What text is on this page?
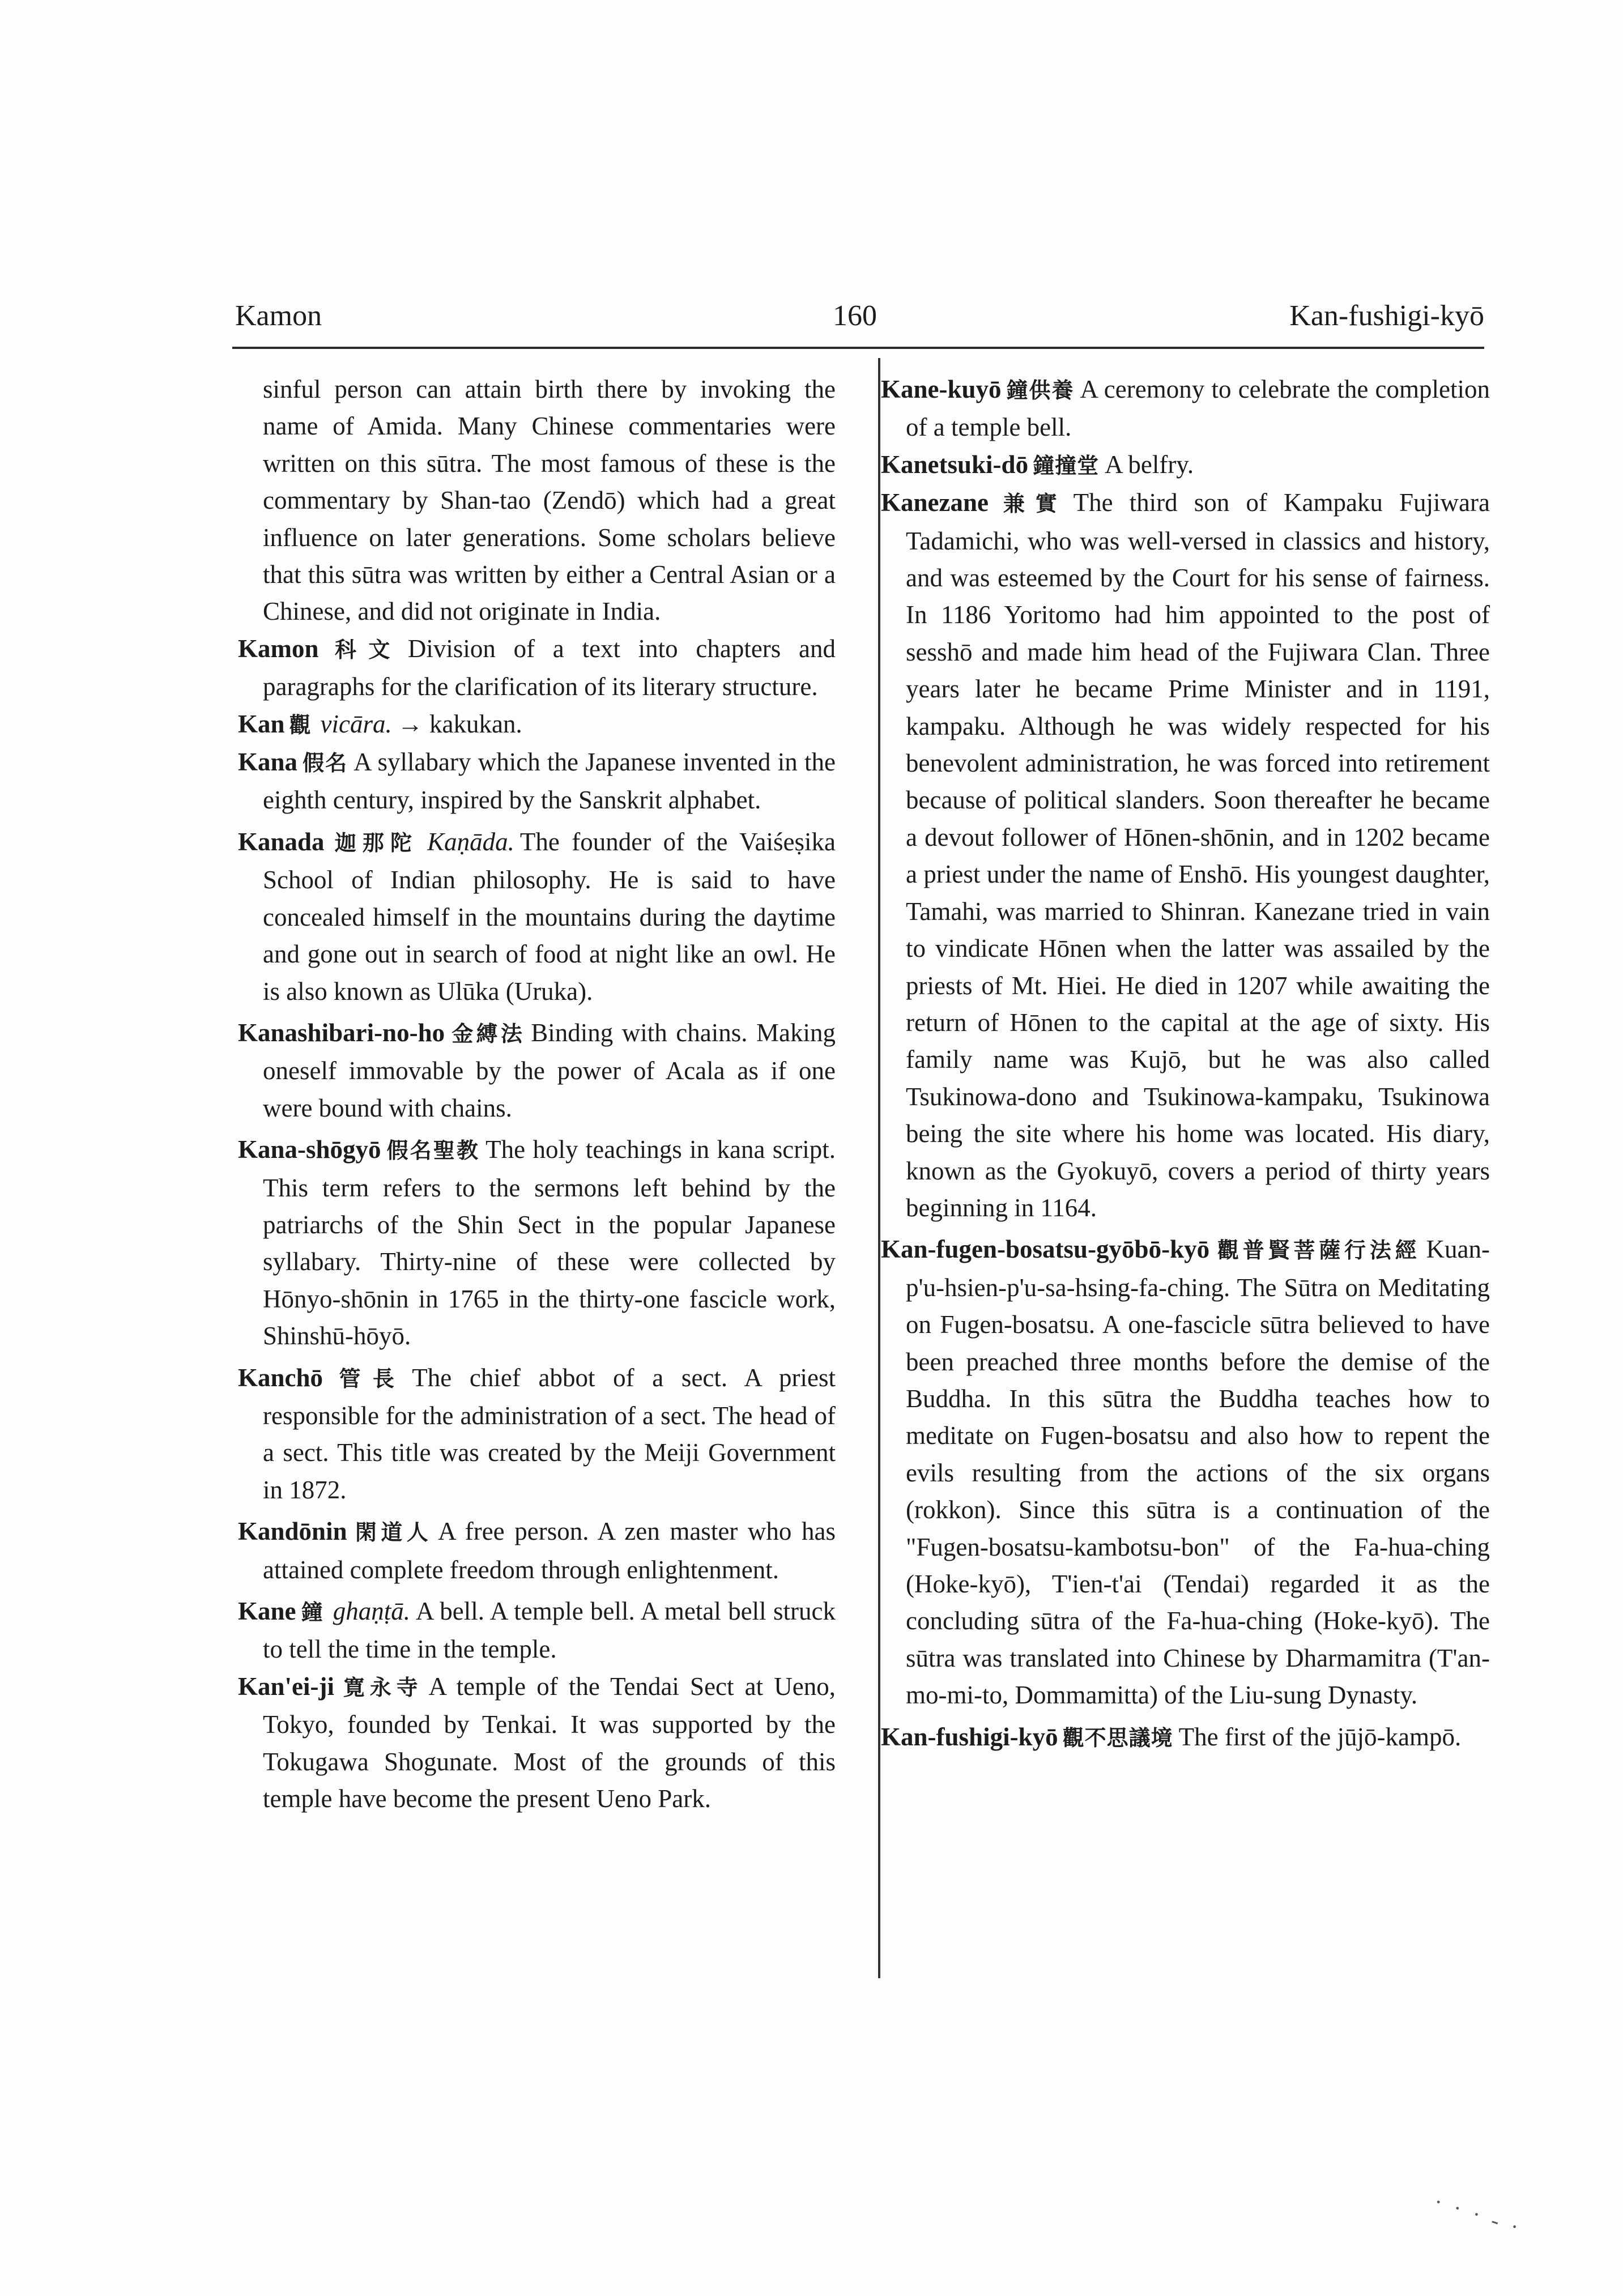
Kamon	160	Kan-fushigi-kyō

sinful person can attain birth there by invoking the name of Amida. Many Chinese commentaries were written on this sūtra. The most famous of these is the commentary by Shan-tao (Zendō) which had a great influence on later generations. Some scholars believe that this sūtra was written by either a Central Asian or a Chinese, and did not originate in India.

Kamon 科文 Division of a text into chapters and paragraphs for the clarification of its literary structure.

Kan 觀 vicāra. → kakukan.

Kana 假名 A syllabary which the Japanese invented in the eighth century, inspired by the Sanskrit alphabet.

Kanada 迦那陀 Kaṇāda. The founder of the Vaiśeṣika School of Indian philosophy. He is said to have concealed himself in the mountains during the daytime and gone out in search of food at night like an owl. He is also known as Ulūka (Uruka).

Kanashibari-no-ho 金縛法 Binding with chains. Making oneself immovable by the power of Acala as if one were bound with chains.

Kana-shōgyō 假名聖教 The holy teachings in kana script. This term refers to the sermons left behind by the patriarchs of the Shin Sect in the popular Japanese syllabary. Thirty-nine of these were collected by Hōnyo-shōnin in 1765 in the thirty-one fascicle work, Shinshū-hōyō.

Kanchō 管長 The chief abbot of a sect. A priest responsible for the administration of a sect. The head of a sect. This title was created by the Meiji Government in 1872.

Kandōnin 閑道人 A free person. A zen master who has attained complete freedom through enlightenment.

Kane 鐘 ghaṇṭā. A bell. A temple bell. A metal bell struck to tell the time in the temple.

Kan'ei-ji 寛永寺 A temple of the Tendai Sect at Ueno, Tokyo, founded by Tenkai. It was supported by the Tokugawa Shogunate. Most of the grounds of this temple have become the present Ueno Park.

Kane-kuyō 鐘供養 A ceremony to celebrate the completion of a temple bell.

Kanetsuki-dō 鐘撞堂 A belfry.

Kanezane 兼實 The third son of Kampaku Fujiwara Tadamichi, who was well-versed in classics and history, and was esteemed by the Court for his sense of fairness. In 1186 Yoritomo had him appointed to the post of sesshō and made him head of the Fujiwara Clan. Three years later he became Prime Minister and in 1191, kampaku. Although he was widely respected for his benevolent administration, he was forced into retirement because of political slanders. Soon thereafter he became a devout follower of Hōnen-shōnin, and in 1202 became a priest under the name of Enshō. His youngest daughter, Tamahi, was married to Shinran. Kanezane tried in vain to vindicate Hōnen when the latter was assailed by the priests of Mt. Hiei. He died in 1207 while awaiting the return of Hōnen to the capital at the age of sixty. His family name was Kujō, but he was also called Tsukinowa-dono and Tsukinowa-kampaku, Tsukinowa being the site where his home was located. His diary, known as the Gyokuyō, covers a period of thirty years beginning in 1164.

Kan-fugen-bosatsu-gyōbō-kyō 觀普賢菩薩行法經 Kuan-p'u-hsien-p'u-sa-hsing-fa-ching. The Sūtra on Meditating on Fugen-bosatsu. A one-fascicle sūtra believed to have been preached three months before the demise of the Buddha. In this sūtra the Buddha teaches how to meditate on Fugen-bosatsu and also how to repent the evils resulting from the actions of the six organs (rokkon). Since this sūtra is a continuation of the "Fugen-bosatsu-kambotsu-bon" of the Fa-hua-ching (Hoke-kyō), T'ien-t'ai (Tendai) regarded it as the concluding sūtra of the Fa-hua-ching (Hoke-kyō). The sūtra was translated into Chinese by Dharmamitra (T'an-mo-mi-to, Dommamitta) of the Liu-sung Dynasty.

Kan-fushigi-kyō 觀不思議境 The first of the jūjō-kampō.

· · · - ·
